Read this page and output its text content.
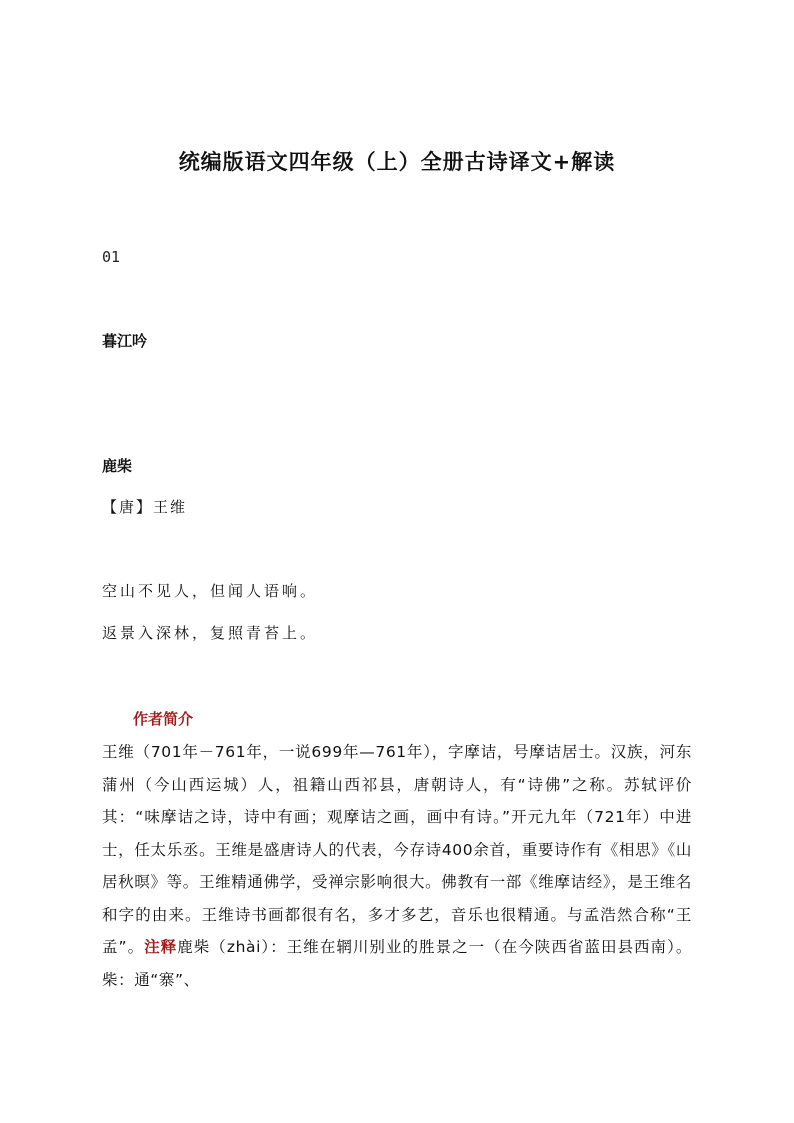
统编版语文四年级（上）全册古诗译文+解读
01
暮江吟
鹿柴
【唐】王维
空山不见人，但闻人语响。
返景入深林，复照青苔上。
作者简介
王维（701年－761年，一说699年—761年），字摩诘，号摩诘居士。汉族，河东蒲州（今山西运城）人，祖籍山西祁县，唐朝诗人，有“诗佛”之称。苏轼评价其：“味摩诘之诗，诗中有画；观摩诘之画，画中有诗。”开元九年（721年）中进士，任太乐丞。王维是盛唐诗人的代表，今存诗400余首，重要诗作有《相思》《山居秋暝》等。王维精通佛学，受禅宗影响很大。佛教有一部《维摩诘经》，是王维名和字的由来。王维诗书画都很有名，多才多艺，音乐也很精通。与孟浩然合称“王孟”。注释鹿柴（zhài）：王维在辋川别业的胜景之一（在今陕西省蓝田县西南）。柴：通“寨”、
